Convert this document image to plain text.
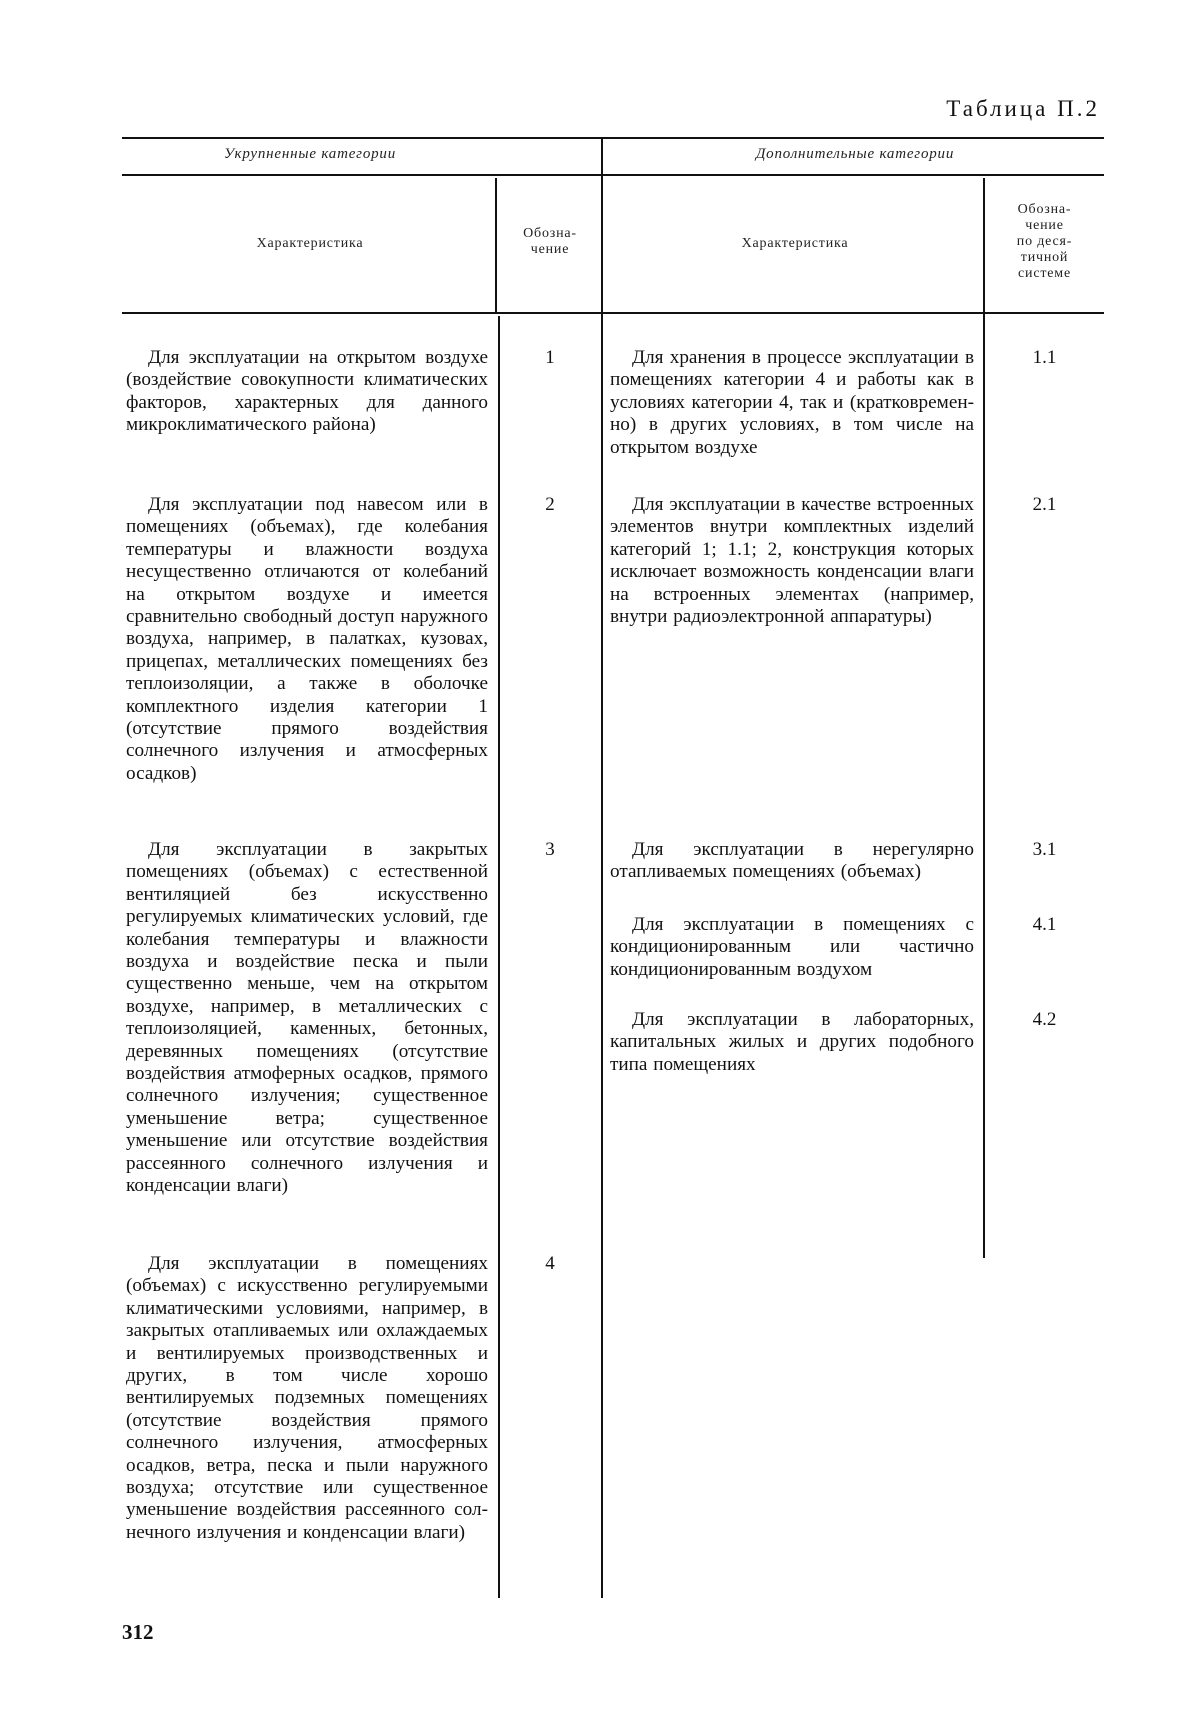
Таблица П.2
Укрупненные категории	Дополнительные категории
Характеристика
Обозна-
чение	Характеристика
Обозна-
чение
по деся-
тичной
системе
Для эксплуатации на открытом воздухе (воздействие совокупности климатических факторов, характерных для данного микроклиматического района)
1
Для эксплуатации под навесом или в помещениях (объемах), где колебания температуры и влажности воздуха несущественно отличаются от колебаний на открытом воздухе и имеется сравнительно свободный доступ наружного воздуха, например, в палатках, кузовах, прицепах, металлических помещениях без теплоизоляции, а также в оболочке комплектного изделия категории 1 (отсутствие прямого воздействия солнечного излучения и атмосферных осадков)
2
Для эксплуатации в закрытых помещениях (объемах) с естественной вентиляцией без искусственно регулируемых климатических условий, где колебания температуры и влажности воздуха и воздействие песка и пыли существенно меньше, чем на открытом воздухе, например, в металлических с теплоизоляцией, каменных, бетонных, деревянных помещениях (отсутствие воздействия атмоферных осадков, прямого солнечного излучения; существенное уменьшение ветра; существенное уменьшение или отсутствие воздействия рассеянного солнечного излучения и конденсации влаги)
3
Для эксплуатации в помещениях (объемах) с искусственно регулируемыми климатическими условиями, например, в закрытых отапливаемых или охлаждаемых и вентилируемых производственных и других, в том числе хорошо вентилируемых подземных помещениях (отсутствие воздействия прямого солнечного излучения, атмосферных осадков, ветра, песка и пыли наружного воздуха; отсутствие или существенное уменьшение воздействия рассеянного солнечного излучения и конденсации влаги)
4
Для хранения в процессе эксплуатации в помещениях категории 4 и работы как в условиях категории 4, так и (кратковременно) в других условиях, в том числе на открытом воздухе
1.1
Для эксплуатации в качестве встроенных элементов внутри комплектных изделий категорий 1; 1.1; 2, конструкция которых исключает возможность конденсации влаги на встроенных элементах (например, внутри радиоэлектронной аппаратуры)
2.1
Для эксплуатации в нерегулярно отапливаемых помещениях (объемах)
3.1
Для эксплуатации в помещениях с кондиционированным или частично кондиционированным воздухом
4.1
Для эксплуатации в лабораторных, капитальных жилых и других подобного типа помещениях
4.2
312
